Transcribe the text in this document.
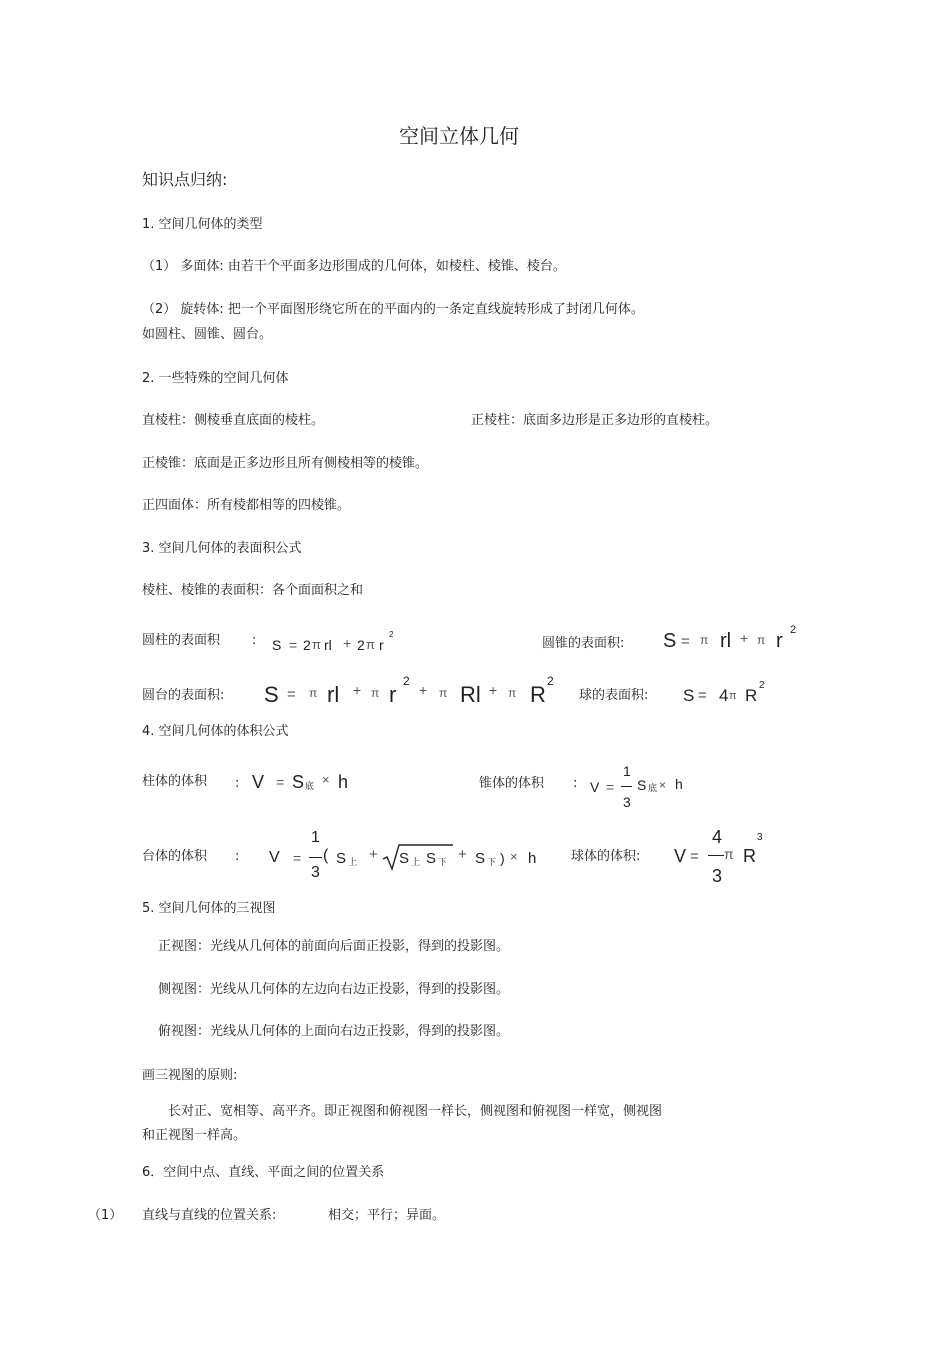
空间立体几何
知识点归纳:
1. 空间几何体的类型
（1） 多面体: 由若干个平面多边形围成的几何体，如棱柱、棱锥、棱台。
（2） 旋转体: 把一个平面图形绕它所在的平面内的一条定直线旋转形成了封闭几何体。
如圆柱、圆锥、圆台。
2. 一些特殊的空间几何体
直棱柱：侧棱垂直底面的棱柱。	正棱柱：底面多边形是正多边形的直棱柱。
正棱锥：底面是正多边形且所有侧棱相等的棱锥。
正四面体：所有棱都相等的四棱锥。
3. 空间几何体的表面积公式
棱柱、棱锥的表面积：各个面面积之和
圆柱的表面积 : S = 2 π rl + 2 π r
2
圆锥的表面积: S = π rl + π r 2
圆台的表面积: S = π rl + π r
2
+ π Rl + π R
2
球的表面积: S = 4 π R
2
4. 空间几何体的体积公式
柱体的体积 : V = S 底 × h	锥体的体积 : V =
1
3
S 底 × h
台体的体积 : V =
1
3
( S 上 + S 上 S 下 + S 下 ) × h	球体的体积: V =
4
3
π R
3
5. 空间几何体的三视图
正视图：光线从几何体的前面向后面正投影，得到的投影图。
侧视图：光线从几何体的左边向右边正投影，得到的投影图。
俯视图：光线从几何体的上面向右边正投影，得到的投影图。
画三视图的原则:
长对正、宽相等、高平齐。即正视图和俯视图一样长，侧视图和俯视图一样宽，侧视图
和正视图一样高。
6．空间中点、直线、平面之间的位置关系
（1） 直线与直线的位置关系:	相交；平行；异面。
